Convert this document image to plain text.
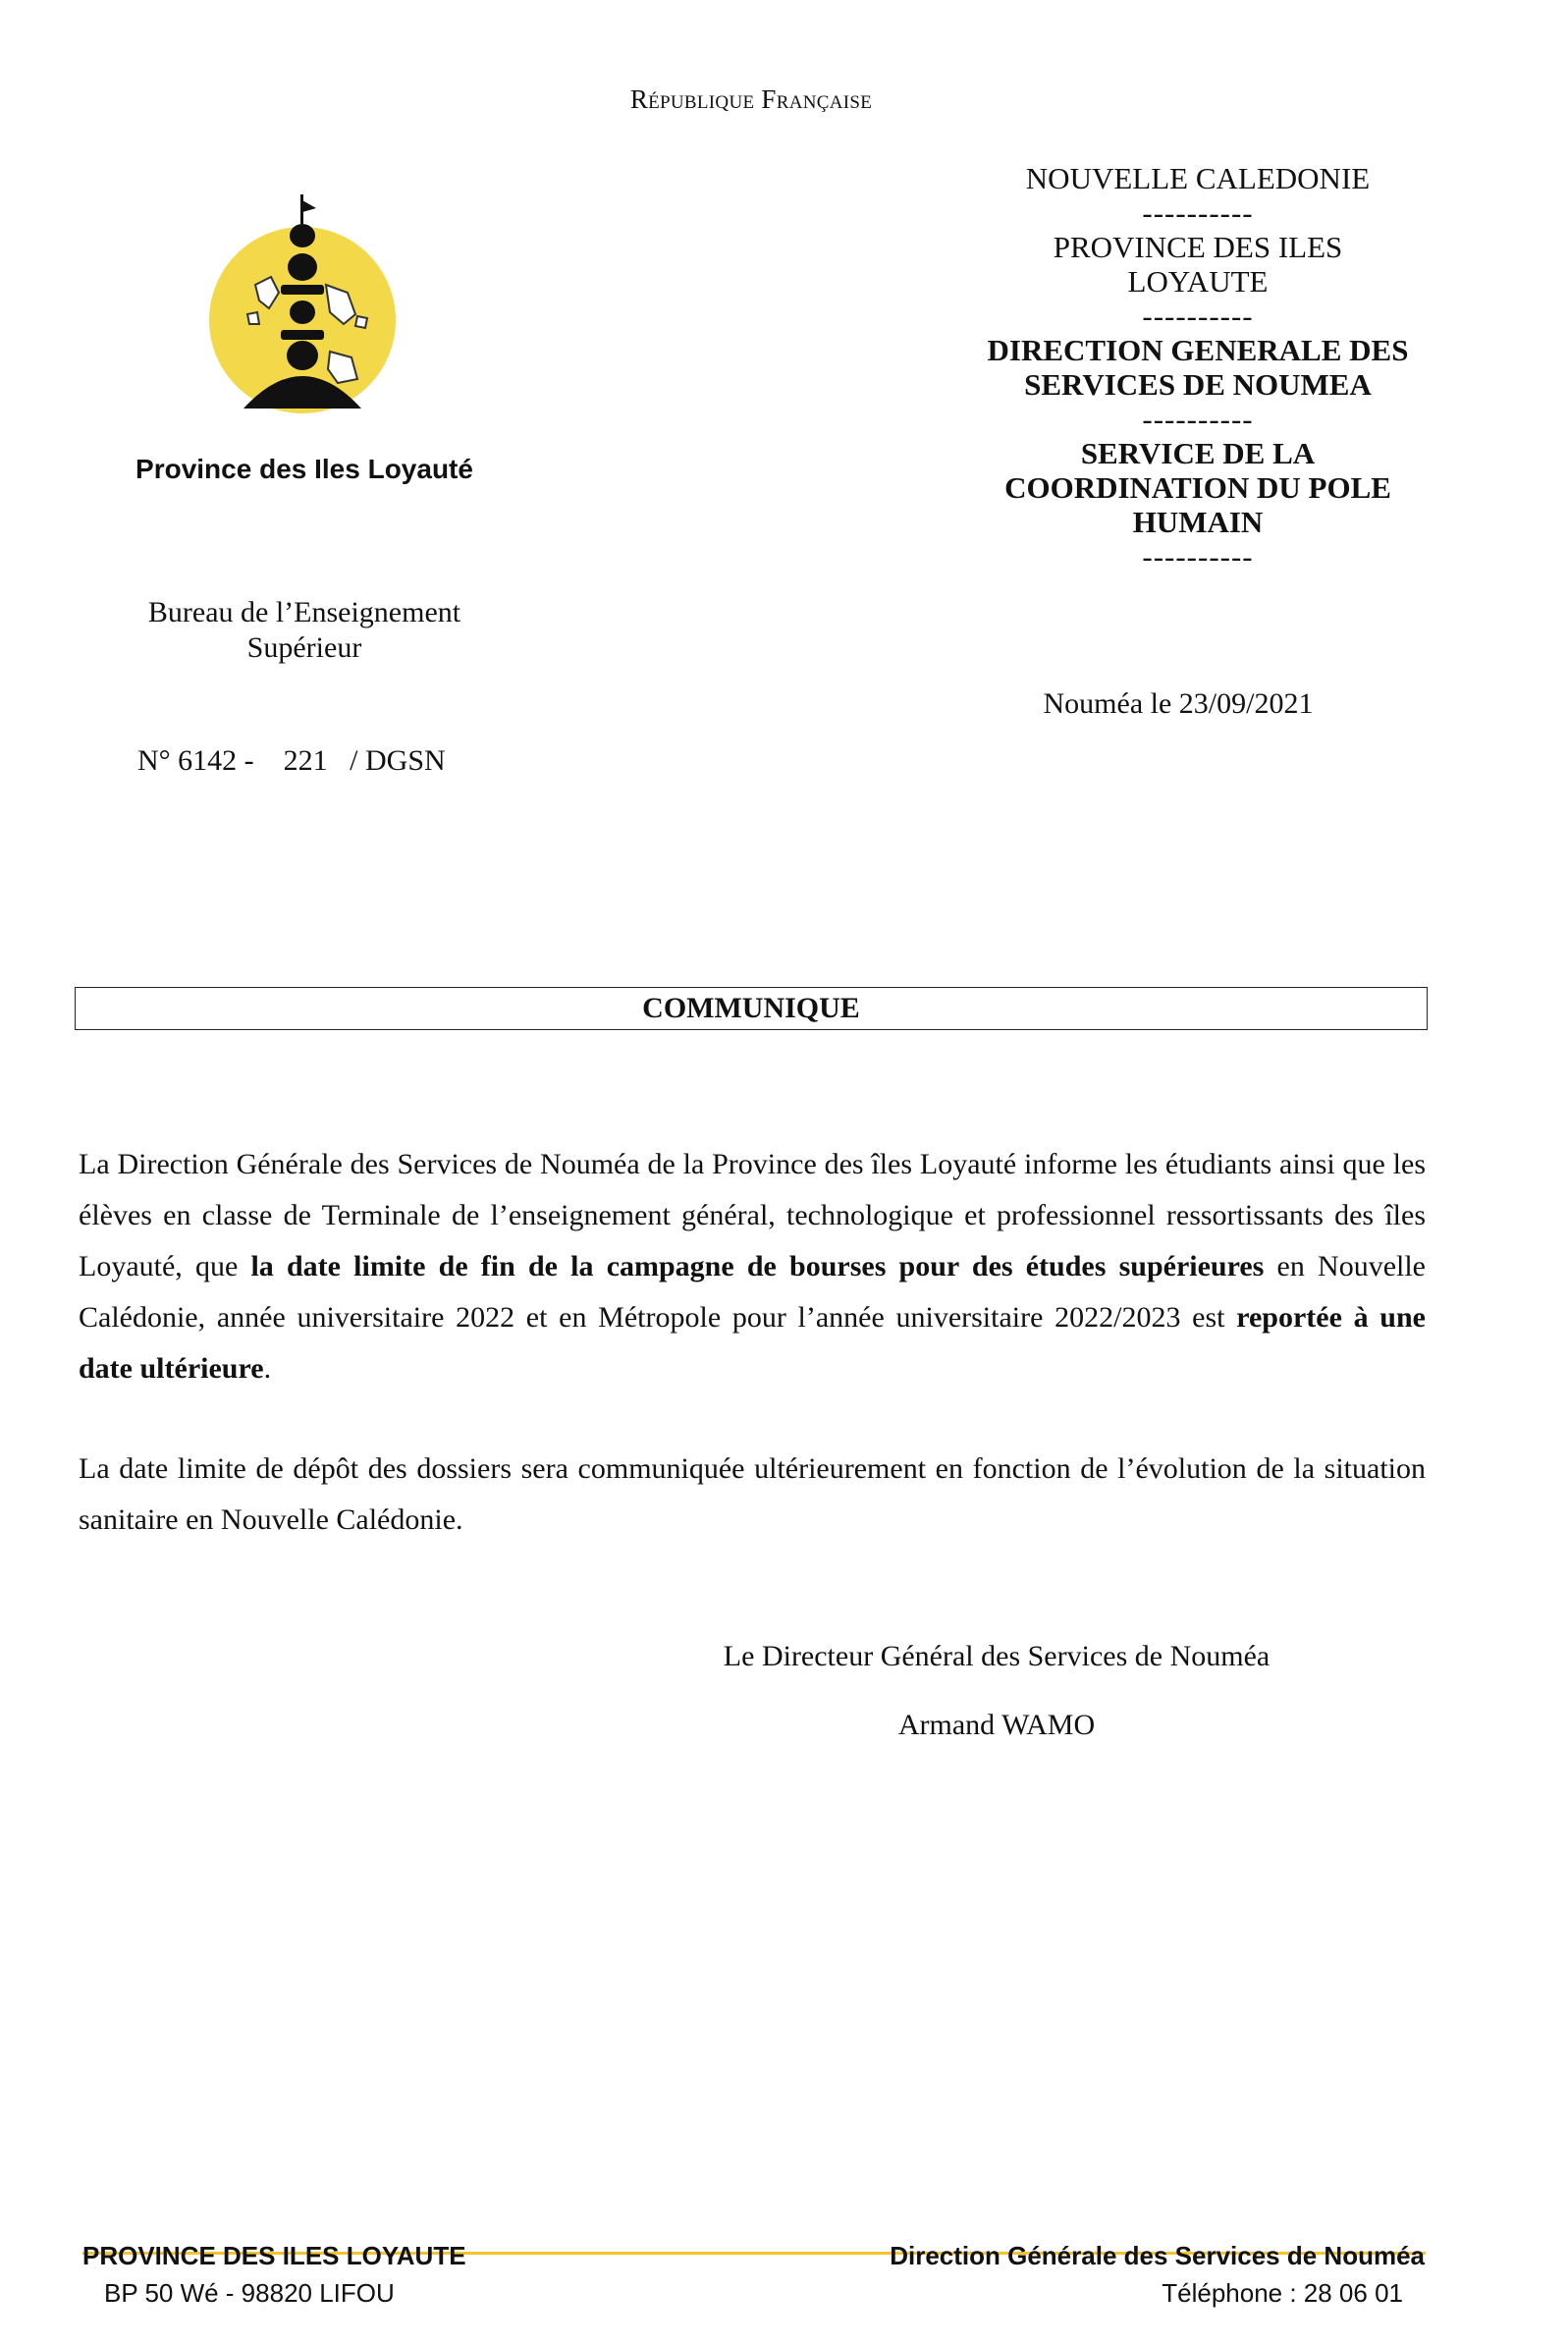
République Française
Province des Iles Loyauté
NOUVELLE CALEDONIE
----------
PROVINCE DES ILES LOYAUTE
----------
DIRECTION GENERALE DES SERVICES DE NOUMEA
----------
SERVICE DE LA COORDINATION DU POLE HUMAIN
----------
Bureau de l’Enseignement Supérieur
Nouméa le 23/09/2021
N° 6142 -    221   / DGSN
COMMUNIQUE
La Direction Générale des Services de Nouméa de la Province des îles Loyauté informe les étudiants ainsi que les élèves en classe de Terminale de l’enseignement général, technologique et professionnel ressortissants des îles Loyauté, que la date limite de fin de la campagne de bourses pour des études supérieures en Nouvelle Calédonie, année universitaire 2022 et en Métropole pour l’année universitaire 2022/2023 est reportée à une date ultérieure.
La date limite de dépôt des dossiers sera communiquée ultérieurement en fonction de l’évolution de la situation sanitaire en Nouvelle Calédonie.
Le Directeur Général des Services de Nouméa
Armand WAMO
PROVINCE DES ILES LOYAUTE
BP 50 Wé - 98820 LIFOU
Direction Générale des Services de Nouméa
Téléphone : 28 06 01
